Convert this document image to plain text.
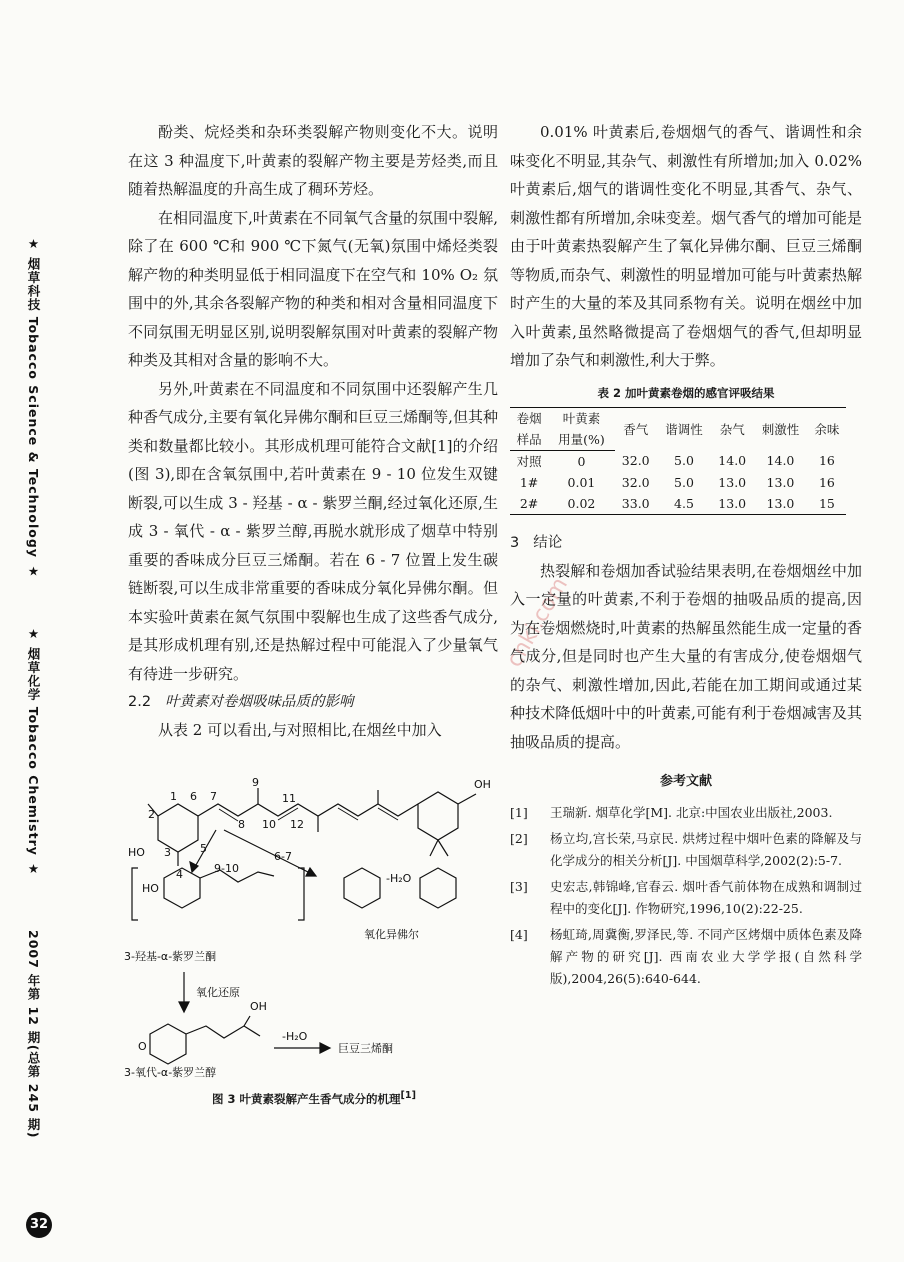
★ 烟草科技 Tobacco Science & Technology ★
★ 烟草化学 Tobacco Chemistry ★
2007 年第 12 期(总第 245 期)
32
cnki.com

酚类、烷烃类和杂环类裂解产物则变化不大。说明在这 3 种温度下,叶黄素的裂解产物主要是芳烃类,而且随着热解温度的升高生成了稠环芳烃。

在相同温度下,叶黄素在不同氧气含量的氛围中裂解,除了在 600 ℃和 900 ℃下氮气(无氧)氛围中烯烃类裂解产物的种类明显低于相同温度下在空气和 10% O₂ 氛围中的外,其余各裂解产物的种类和相对含量相同温度下不同氛围无明显区别,说明裂解氛围对叶黄素的裂解产物种类及其相对含量的影响不大。

另外,叶黄素在不同温度和不同氛围中还裂解产生几种香气成分,主要有氧化异佛尔酮和巨豆三烯酮等,但其种类和数量都比较小。其形成机理可能符合文献[1]的介绍(图 3),即在含氧氛围中,若叶黄素在 9 - 10 位发生双键断裂,可以生成 3 - 羟基 - α - 紫罗兰酮,经过氧化还原,生成 3 - 氧代 - α - 紫罗兰醇,再脱水就形成了烟草中特别重要的香味成分巨豆三烯酮。若在 6 - 7 位置上发生碳链断裂,可以生成非常重要的香味成分氧化异佛尔酮。但本实验叶黄素在氮气氛围中裂解也生成了这些香气成分,是其形成机理有别,还是热解过程中可能混入了少量氧气有待进一步研究。

2.2 叶黄素对卷烟吸味品质的影响

从表 2 可以看出,与对照相比,在烟丝中加入

OH
HO
2
1 6 7
8
9
10
11
12
3
4
5
9-10
6-7
HO
-H₂O
氧化异佛尔
3-羟基-α-紫罗兰酮
氧化还原
OH
O
-H₂O
巨豆三烯酮
3-氧代-α-紫罗兰醇
图 3 叶黄素裂解产生香气成分的机理[1]

0.01% 叶黄素后,卷烟烟气的香气、谐调性和余味变化不明显,其杂气、刺激性有所增加;加入 0.02% 叶黄素后,烟气的谐调性变化不明显,其香气、杂气、刺激性都有所增加,余味变差。烟气香气的增加可能是由于叶黄素热裂解产生了氧化异佛尔酮、巨豆三烯酮等物质,而杂气、刺激性的明显增加可能与叶黄素热解时产生的大量的苯及其同系物有关。说明在烟丝中加入叶黄素,虽然略微提高了卷烟烟气的香气,但却明显增加了杂气和刺激性,利大于弊。

表 2 加叶黄素卷烟的感官评吸结果
卷烟	叶黄素	香气	谐调性	杂气	刺激性	余味
样品	用量(%)					
对照	0	32.0	5.0	14.0	14.0	16
1#	0.01	32.0	5.0	13.0	13.0	16
2#	0.02	33.0	4.5	13.0	13.0	15

3 结论

热裂解和卷烟加香试验结果表明,在卷烟烟丝中加入一定量的叶黄素,不利于卷烟的抽吸品质的提高,因为在卷烟燃烧时,叶黄素的热解虽然能生成一定量的香气成分,但是同时也产生大量的有害成分,使卷烟烟气的杂气、刺激性增加,因此,若能在加工期间或通过某种技术降低烟叶中的叶黄素,可能有利于卷烟减害及其抽吸品质的提高。

参考文献
[1]	王瑞新. 烟草化学[M]. 北京:中国农业出版社,2003.
[2]	杨立均,宫长荣,马京民. 烘烤过程中烟叶色素的降解及与化学成分的相关分析[J]. 中国烟草科学,2002(2):5-7.
[3]	史宏志,韩锦峰,官春云. 烟叶香气前体物在成熟和调制过程中的变化[J]. 作物研究,1996,10(2):22-25.
[4]	杨虹琦,周冀衡,罗泽民,等. 不同产区烤烟中质体色素及降解产物的研究[J]. 西南农业大学学报(自然科学版),2004,26(5):640-644.
